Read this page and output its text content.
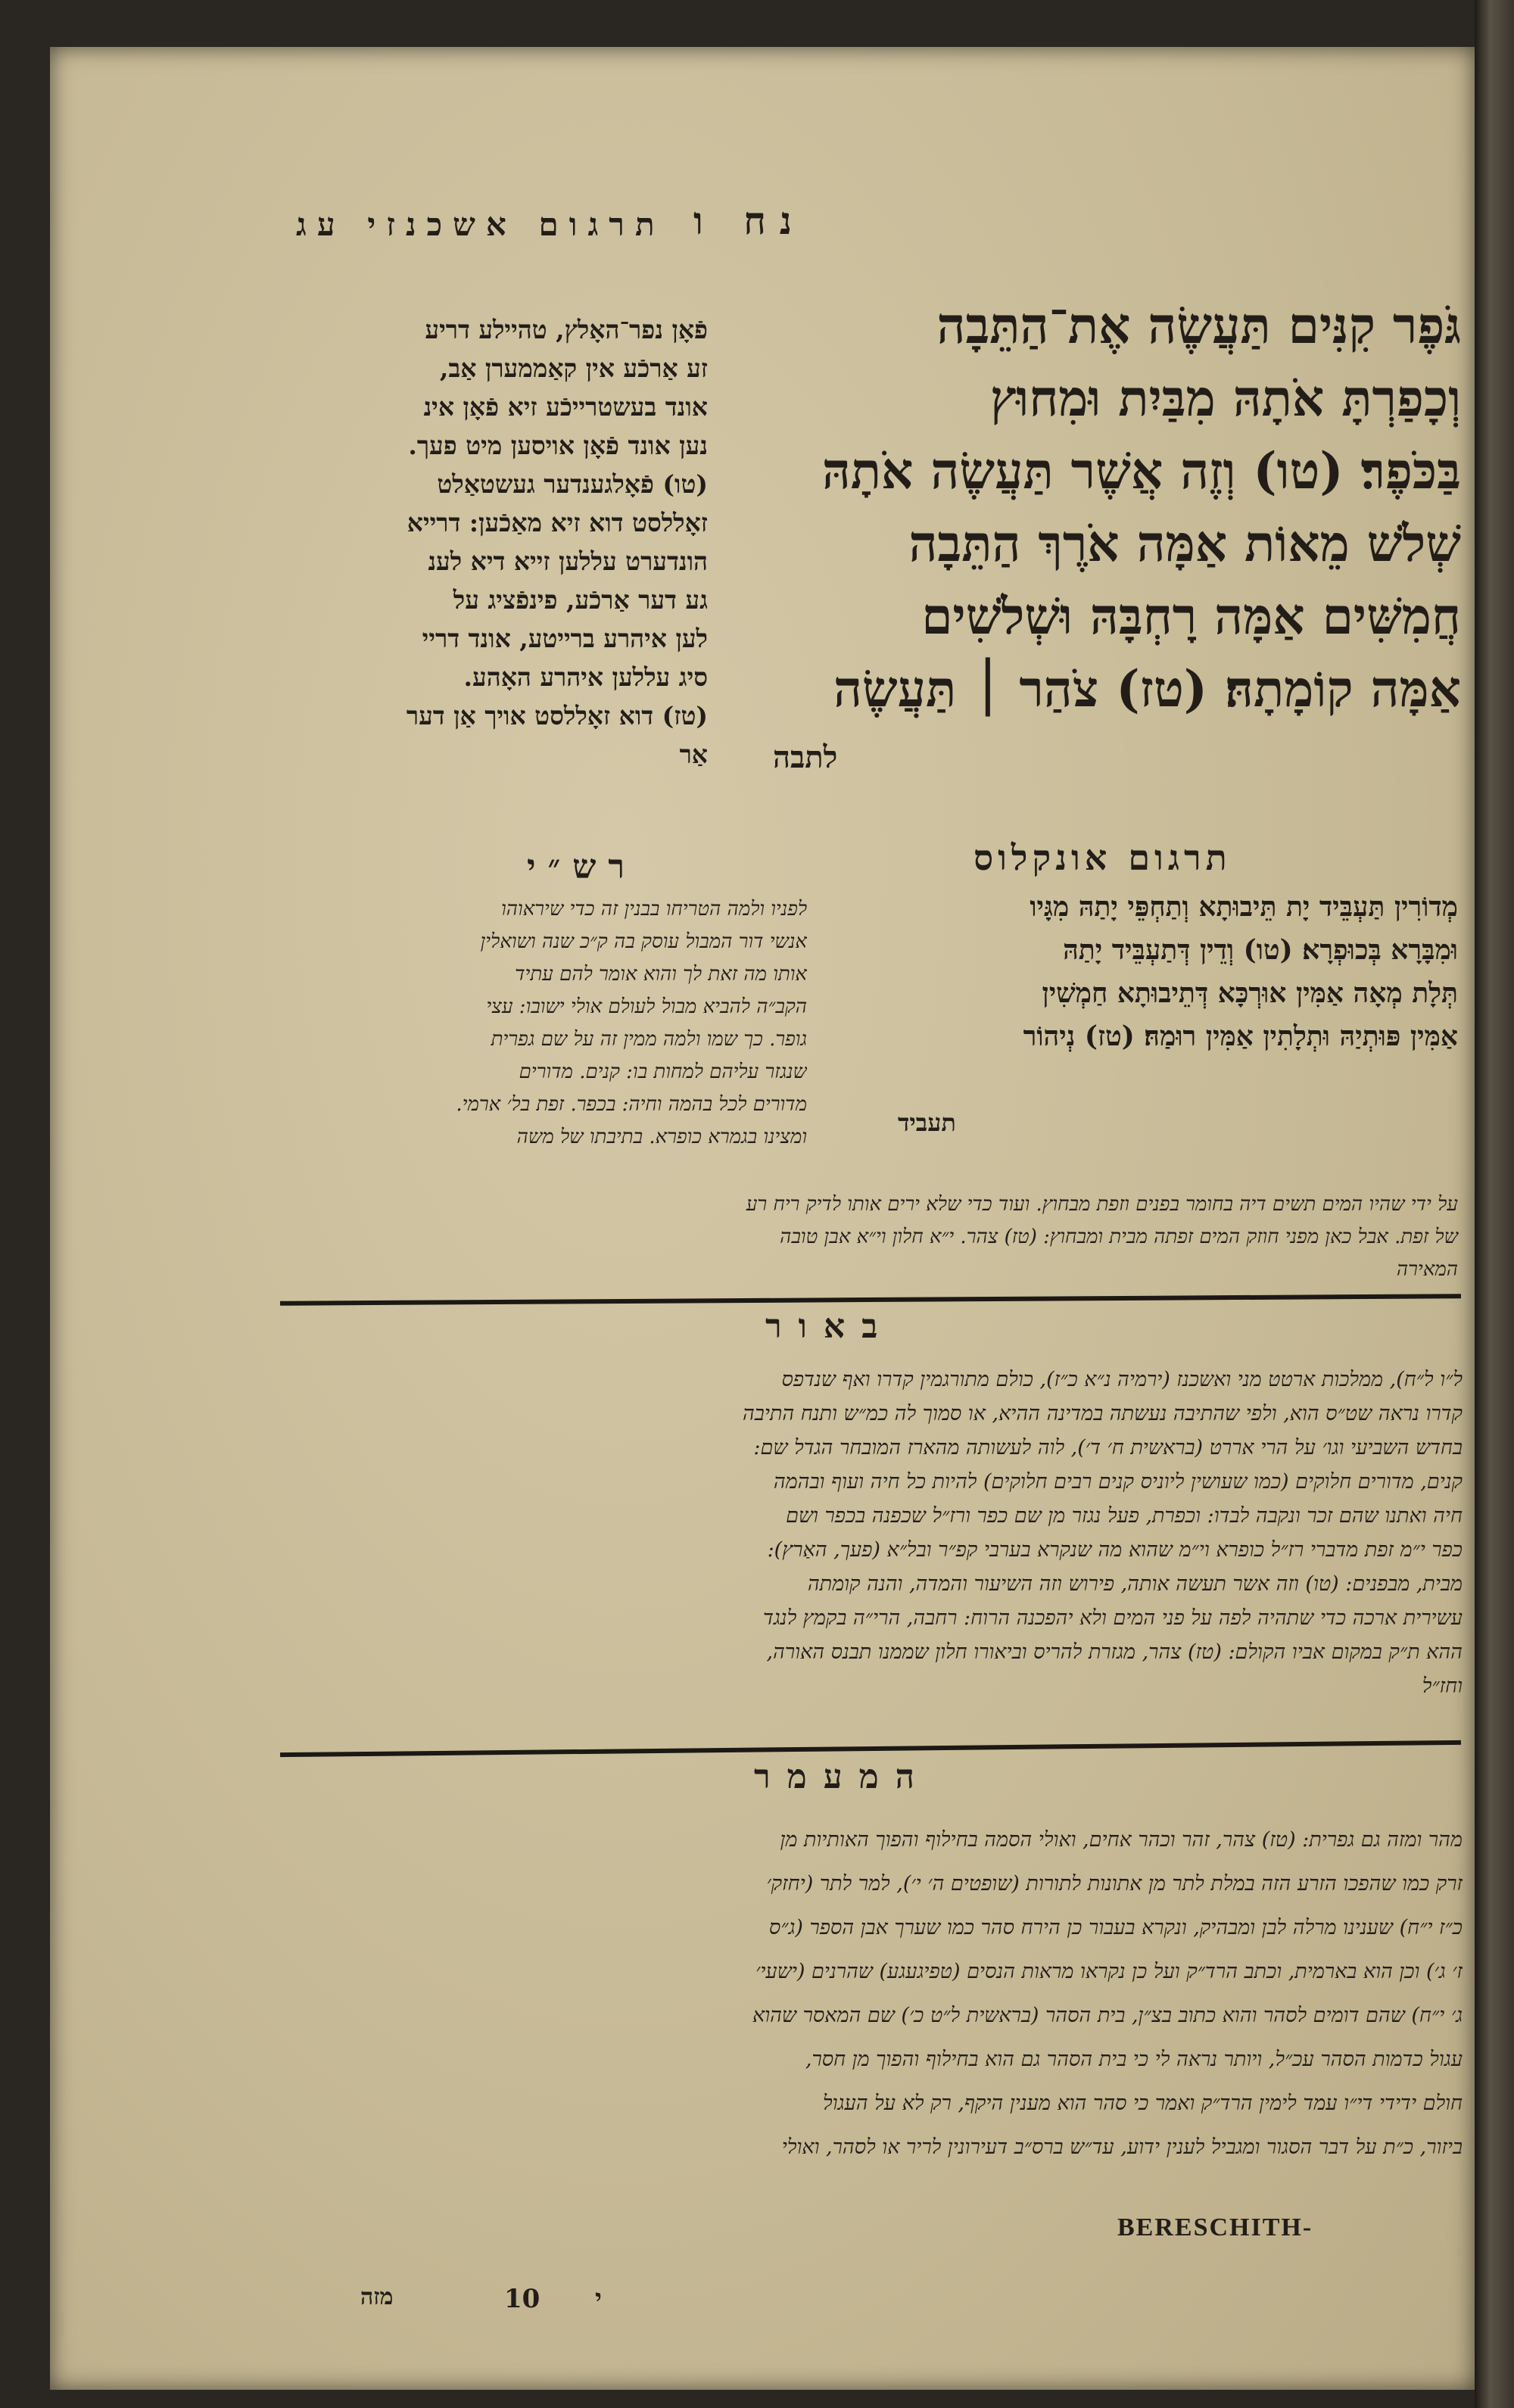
נח ו
תרגום אשכנזי עג
גֹּפֶר קִנִּים תַּעֲשֶׂה אֶת־הַתֵּבָה
וְכָפַרְתָּ אֹתָהּ מִבַּיִת וּמִחוּץ
בַּכֹּפֶר׃ (טו) וְזֶה אֲשֶׁר תַּעֲשֶׂה אֹתָהּ
שְׁלֹשׁ מֵאוֹת אַמָּה אֹרֶךְ הַתֵּבָה
חֲמִשִּׁים אַמָּה רָחְבָּהּ וּשְׁלֹשִׁים
אַמָּה קוֹמָתָהּ׃ (טז) צֹהַר ׀ תַּעֲשֶׂה
לתבה
פֿאָן נפר־האָלץ, טהיילע דריע
זע אַרכֿע אין קאַממערן אַב,
אונד בעשטרייכֿע זיא פֿאָן אינ
נען אונד פֿאָן אויסען מיט פעך.
(טו) פֿאָלגענדער געשטאַלט
זאָללסט דוא זיא מאַכֿען: דרייא
הונדערט עללען זייא דיא לענ
גע דער אַרכֿע, פינפֿציג על
לען איהרע ברייטע, אונד דריי
סיג עללען איהרע האָהע.
(טז) דוא זאָללסט אויך אַן דער
אַר
תרגום אונקלוס
מְדוֹרִין תַּעְבֵּיד יָת תֵּיבוּתָא וְתַחְפֵּי יָתַהּ מִגָּיו
וּמִבָּרָא בְּכוּפְרָא׃ (טו) וְדֵין דְּתַעְבֵּיד יָתַהּ
תְּלָת מְאָה אַמִּין אוּרְכָּא דְּתֵיבוּתָא חַמְשִׁין
אַמִּין פּוּתְיַהּ וּתְלָתִין אַמִּין רוּמַהּ׃ (טז) נְיהוֹר
תעביד
רש״י
לפניו ולמה הטריחו בבנין זה כדי שיראוהו
אנשי דור המבול עוסק בה ק״כ שנה ושואלין
אותו מה זאת לך והוא אומר להם עתיד
הקב״ה להביא מבול לעולם אולי ישובו: עצי
גופר. כך שמו ולמה ממין זה על שם גפרית
שנגזר עליהם למחות בו: קנים. מדורים
מדורים לכל בהמה וחיה: בכפר. זפת בל׳ ארמי.
ומצינו בגמרא כופרא. בתיבתו של משה
על ידי שהיו המים תשים דיה בחומר בפנים וזפת מבחוץ. ועוד כדי שלא ירים אותו לדיק ריח רע
של זפת. אבל כאן מפני חוזק המים זפתה מבית ומבחוץ: (טז) צהר. י״א חלון וי״א אבן טובה
המאירה
באור
ל״ו ל״ח), ממלכות ארטט מני ואשכנז (ירמיה נ״א כ״ז), כולם מתורגמין קדרו ואף שנדפס
קדרו נראה שט״ס הוא, ולפי שהתיבה נעשתה במדינה ההיא, או סמוך לה כמ״ש ותנח התיבה
בחדש השביעי וגו׳ על הרי אררט (בראשית ח׳ ד׳), לוה לעשותה מהארז המובחר הגדל שם:
קנים, מדורים חלוקים (כמו שעושין ליוניס קנים רבים חלוקים) להיות כל חיה ועוף ובהמה
חיה ואתנו שהם זכר ונקבה לבדו: וכפרת, פעל נגזר מן שם כפר ורז״ל שכפנה בכפר ושם
כפר י״מ זפת מדברי רז״ל כופרא וי״מ שהוא מה שנקרא בערבי קפ״ר ובל״א (פעך, האַרץ):
מבית, מבפנים: (טו) וזה אשר תעשה אותה, פירוש וזה השיעור והמדה, והנה קומתה
עשירית ארכה כדי שתהיה לפה על פני המים ולא יהפכנה הרוח: רחבה, הרי״ה בקמץ לנגד
ההא ת״ק במקום אביו הקולם: (טז) צהר, מגזרת להריס וביאורו חלון שממנו תבנס האורה,
וחז״ל
המעמר
מהר ומזה גם גפרית: (טז) צהר, זהר וכהר אחים, ואולי הסמה בחילוף והפוך האותיות מן
זרק כמו שהפכו הזרע הזה במלת לתר מן אתונות לתורות (שופטים ה׳ י׳), למר לתר (יחזק׳
כ״ז י״ח) שענינו מרלה לבן ומבהיק, ונקרא בעבור כן הירח סהר כמו שערך אבן הספר (ג״ס
ז׳ ג׳) וכן הוא בארמית, וכתב הרד״ק ועל כן נקראו מראות הנסים (טפיגעגע) שהרנים (ישעי׳
ג׳ י״ח) שהם דומים לסהר והוא כתוב בצ״ן, בית הסהר (בראשית ל״ט כ׳) שם המאסר שהוא
עגול כדמות הסהר עכ״ל, ויותר נראה לי כי בית הסהר גם הוא בחילוף והפוך מן חסר,
חולם ידידי די״ו עמד לימין הרד״ק ואמר כי סהר הוא מענין היקף, רק לא על העגול
ביזור, כ״ת על דבר הסגור ומגביל לענין ידוע, עד״ש ברס״ב דעירונין לריר או לסהר, ואולי
BERESCHITH-
10 י
מזה
